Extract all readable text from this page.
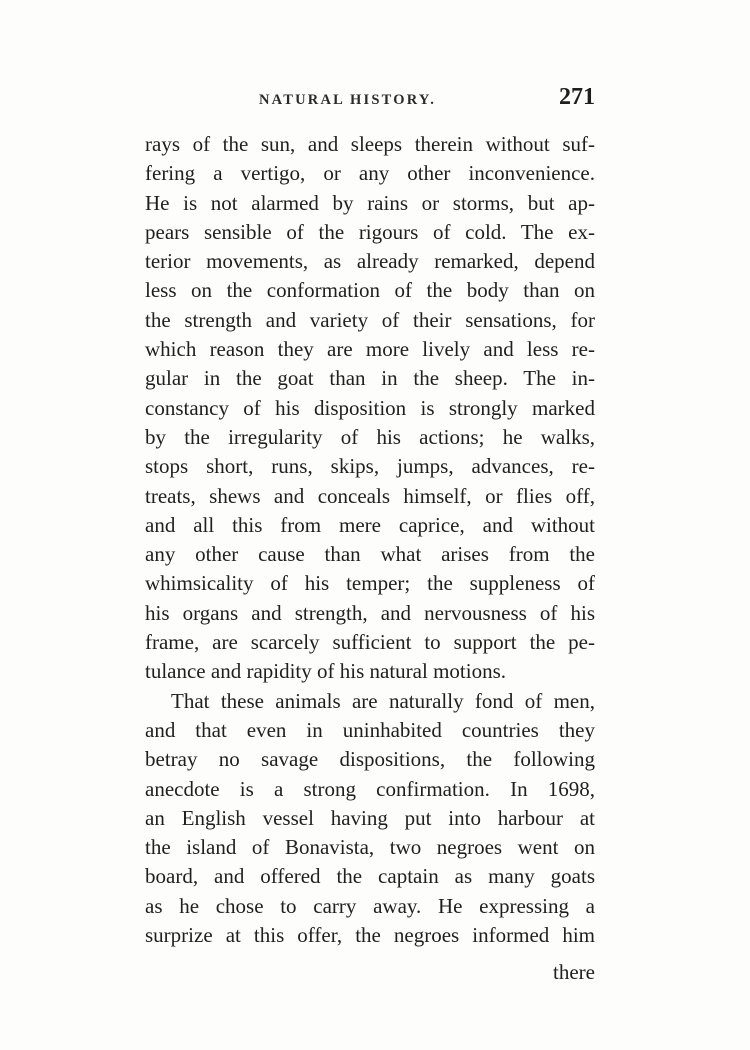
NATURAL HISTORY.	271
rays of the sun, and sleeps therein without suf-
fering a vertigo, or any other inconvenience.
He is not alarmed by rains or storms, but ap-
pears sensible of the rigours of cold. The ex-
terior movements, as already remarked, depend
less on the conformation of the body than on
the strength and variety of their sensations, for
which reason they are more lively and less re-
gular in the goat than in the sheep. The in-
constancy of his disposition is strongly marked
by the irregularity of his actions; he walks,
stops short, runs, skips, jumps, advances, re-
treats, shews and conceals himself, or flies off,
and all this from mere caprice, and without
any other cause than what arises from the
whimsicality of his temper; the suppleness of
his organs and strength, and nervousness of his
frame, are scarcely sufficient to support the pe-
tulance and rapidity of his natural motions.
That these animals are naturally fond of men,
and that even in uninhabited countries they
betray no savage dispositions, the following
anecdote is a strong confirmation. In 1698,
an English vessel having put into harbour at
the island of Bonavista, two negroes went on
board, and offered the captain as many goats
as he chose to carry away. He expressing a
surprize at this offer, the negroes informed him
there
